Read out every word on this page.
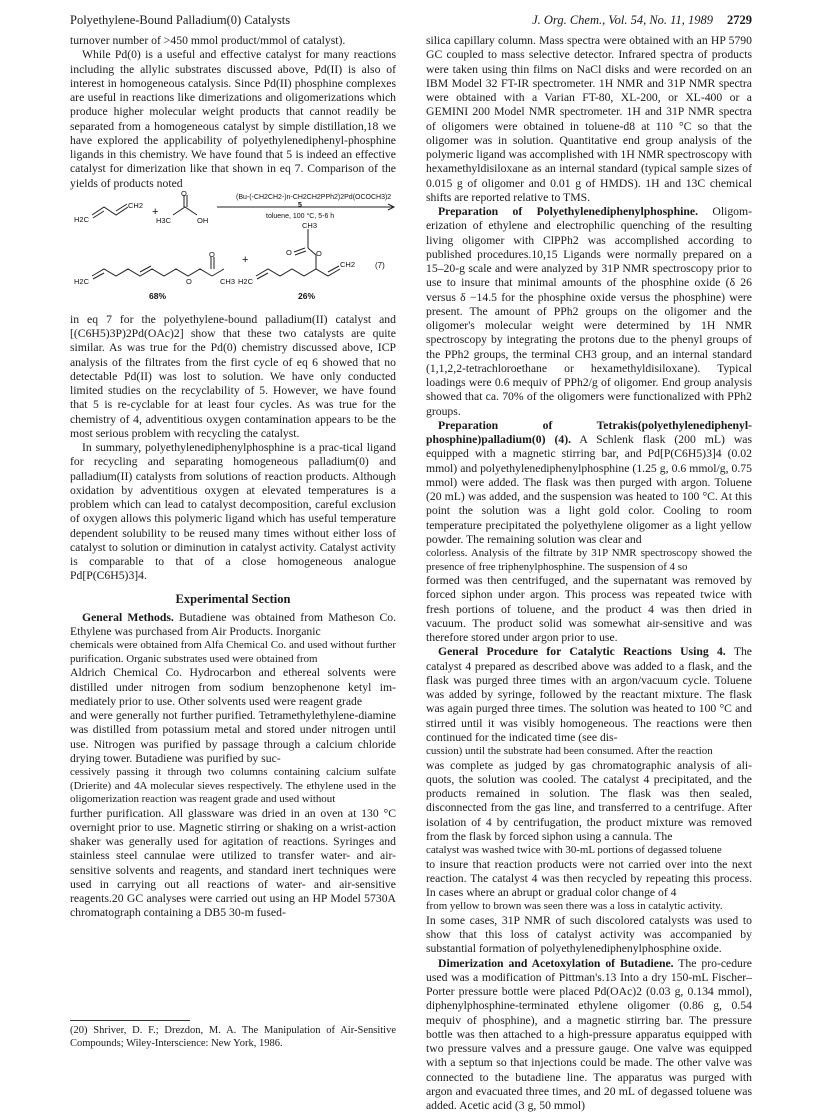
Polyethylene-Bound Palladium(0) Catalysts	J. Org. Chem., Vol. 54, No. 11, 1989 2729

turnover number of >450 mmol product/mmol of catalyst).

While Pd(0) is a useful and effective catalyst for many reactions including the allylic substrates discussed above, Pd(II) is also of interest in homogeneous catalysis. Since Pd(II) phosphine complexes are useful in reactions like dimerizations and oligomerizations which produce higher molecular weight products that cannot readily be separated from a homogeneous catalyst by simple distillation,18 we have explored the applicability of polyethylenediphenyl-phosphine ligands in this chemistry. We have found that 5 is indeed an effective catalyst for dimerization like that shown in eq 7. Comparison of the yields of products noted

H2C
CH2
+
O
H3C	OH
(Bu-(-CH2CH2-)n-CH2CH2PPh2)2Pd(OCOCH3)2
5
toluene, 100 °C, 5-6 h
CH3
O
O	CH3
H2C
+
H2C
O	O
CH2 (7)
68%	26%

in eq 7 for the polyethylene-bound palladium(II) catalyst and [(C6H5)3P)2Pd(OAc)2] show that these two catalysts are quite similar. As was true for the Pd(0) chemistry discussed above, ICP analysis of the filtrates from the first cycle of eq 6 showed that no detectable Pd(II) was lost to solution. We have only conducted limited studies on the recyclability of 5. However, we have found that 5 is re-cyclable for at least four cycles. As was true for the chemistry of 4, adventitious oxygen contamination appears to be the most serious problem with recycling the catalyst.

In summary, polyethylenediphenylphosphine is a prac-tical ligand for recycling and separating homogeneous palladium(0) and palladium(II) catalysts from solutions of reaction products. Although oxidation by adventitious oxygen at elevated temperatures is a problem which can lead to catalyst decomposition, careful exclusion of oxygen allows this polymeric ligand which has useful temperature dependent solubility to be reused many times without either loss of catalyst to solution or diminution in catalyst activity. Catalyst activity is comparable to that of a close homogeneous analogue Pd[P(C6H5)3]4.

Experimental Section

General Methods. Butadiene was obtained from Matheson Co. Ethylene was purchased from Air Products. Inorganic

chemicals were obtained from Alfa Chemical Co. and used without further purification. Organic substrates used were obtained from

Aldrich Chemical Co. Hydrocarbon and ethereal solvents were distilled under nitrogen from sodium benzophenone ketyl im-mediately prior to use. Other solvents used were reagent grade

and were generally not further purified. Tetramethylethylene-diamine was distilled from potassium metal and stored under nitrogen until use. Nitrogen was purified by passage through a calcium chloride drying tower. Butadiene was purified by suc-

cessively passing it through two columns containing calcium sulfate (Drierite) and 4A molecular sieves respectively. The ethylene used in the oligomerization reaction was reagent grade and used without

further purification. All glassware was dried in an oven at 130 °C overnight prior to use. Magnetic stirring or shaking on a wrist-action shaker was generally used for agitation of reactions. Syringes and stainless steel cannulae were utilized to transfer water- and air-sensitive solvents and reagents, and standard inert techniques were used in carrying out all reactions of water- and air-sensitive reagents.20 GC analyses were carried out using an HP Model 5730A chromatograph containing a DB5 30-m fused-

silica capillary column. Mass spectra were obtained with an HP 5790 GC coupled to mass selective detector. Infrared spectra of products were taken using thin films on NaCl disks and were recorded on an IBM Model 32 FT-IR spectrometer. 1H NMR and 31P NMR spectra were obtained with a Varian FT-80, XL-200, or XL-400 or a GEMINI 200 Model NMR spectrometer. 1H and 31P NMR spectra of oligomers were obtained in toluene-d8 at 110 °C so that the oligomer was in solution. Quantitative end group analysis of the polymeric ligand was accomplished with 1H NMR spectroscopy with hexamethyldisiloxane as an internal standard (typical sample sizes of 0.015 g of oligomer and 0.01 g of HMDS). 1H and 13C chemical shifts are reported relative to TMS.

Preparation of Polyethylenediphenylphosphine. Oligom-erization of ethylene and electrophilic quenching of the resulting living oligomer with ClPPh2 was accomplished according to published procedures.10,15 Ligands were normally prepared on a 15–20-g scale and were analyzed by 31P NMR spectroscopy prior to use to insure that minimal amounts of the phosphine oxide (δ 26 versus δ −14.5 for the phosphine oxide versus the phosphine) were present. The amount of PPh2 groups on the oligomer and the oligomer's molecular weight were determined by 1H NMR spectroscopy by integrating the protons due to the phenyl groups of the PPh2 groups, the terminal CH3 group, and an internal standard (1,1,2,2-tetrachloroethane or hexamethyldisiloxane). Typical loadings were 0.6 mequiv of PPh2/g of oligomer. End group analysis showed that ca. 70% of the oligomers were functionalized with PPh2 groups.

Preparation of Tetrakis(polyethylenediphenyl-phosphine)palladium(0) (4). A Schlenk flask (200 mL) was equipped with a magnetic stirring bar, and Pd[P(C6H5)3]4 (0.02 mmol) and polyethylenediphenylphosphine (1.25 g, 0.6 mmol/g, 0.75 mmol) were added. The flask was then purged with argon. Toluene (20 mL) was added, and the suspension was heated to 100 °C. At this point the solution was a light gold color. Cooling to room temperature precipitated the polyethylene oligomer as a light yellow powder. The remaining solution was clear and

colorless. Analysis of the filtrate by 31P NMR spectroscopy showed the presence of free triphenylphosphine. The suspension of 4 so

formed was then centrifuged, and the supernatant was removed by forced siphon under argon. This process was repeated twice with fresh portions of toluene, and the product 4 was then dried in vacuum. The product solid was somewhat air-sensitive and was therefore stored under argon prior to use.

General Procedure for Catalytic Reactions Using 4. The catalyst 4 prepared as described above was added to a flask, and the flask was purged three times with an argon/vacuum cycle. Toluene was added by syringe, followed by the reactant mixture. The flask was again purged three times. The solution was heated to 100 °C and stirred until it was visibly homogeneous. The reactions were then continued for the indicated time (see dis-

cussion) until the substrate had been consumed. After the reaction

was complete as judged by gas chromatographic analysis of ali-quots, the solution was cooled. The catalyst 4 precipitated, and the products remained in solution. The flask was then sealed, disconnected from the gas line, and transferred to a centrifuge. After isolation of 4 by centrifugation, the product mixture was removed from the flask by forced siphon using a cannula. The

catalyst was washed twice with 30-mL portions of degassed toluene

to insure that reaction products were not carried over into the next reaction. The catalyst 4 was then recycled by repeating this process. In cases where an abrupt or gradual color change of 4

from yellow to brown was seen there was a loss in catalytic activity.

In some cases, 31P NMR of such discolored catalysts was used to show that this loss of catalyst activity was accompanied by substantial formation of polyethylenediphenylphosphine oxide.

Dimerization and Acetoxylation of Butadiene. The pro-cedure used was a modification of Pittman's.13 Into a dry 150-mL Fischer–Porter pressure bottle were placed Pd(OAc)2 (0.03 g, 0.134 mmol), diphenylphosphine-terminated ethylene oligomer (0.86 g, 0.54 mequiv of phosphine), and a magnetic stirring bar. The pressure bottle was then attached to a high-pressure apparatus equipped with two pressure valves and a pressure gauge. One valve was equipped with a septum so that injections could be made. The other valve was connected to the butadiene line. The apparatus was purged with argon and evacuated three times, and 20 mL of degassed toluene was added. Acetic acid (3 g, 50 mmol)

(20) Shriver, D. F.; Drezdon, M. A. The Manipulation of Air-Sensitive Compounds; Wiley-Interscience: New York, 1986.
